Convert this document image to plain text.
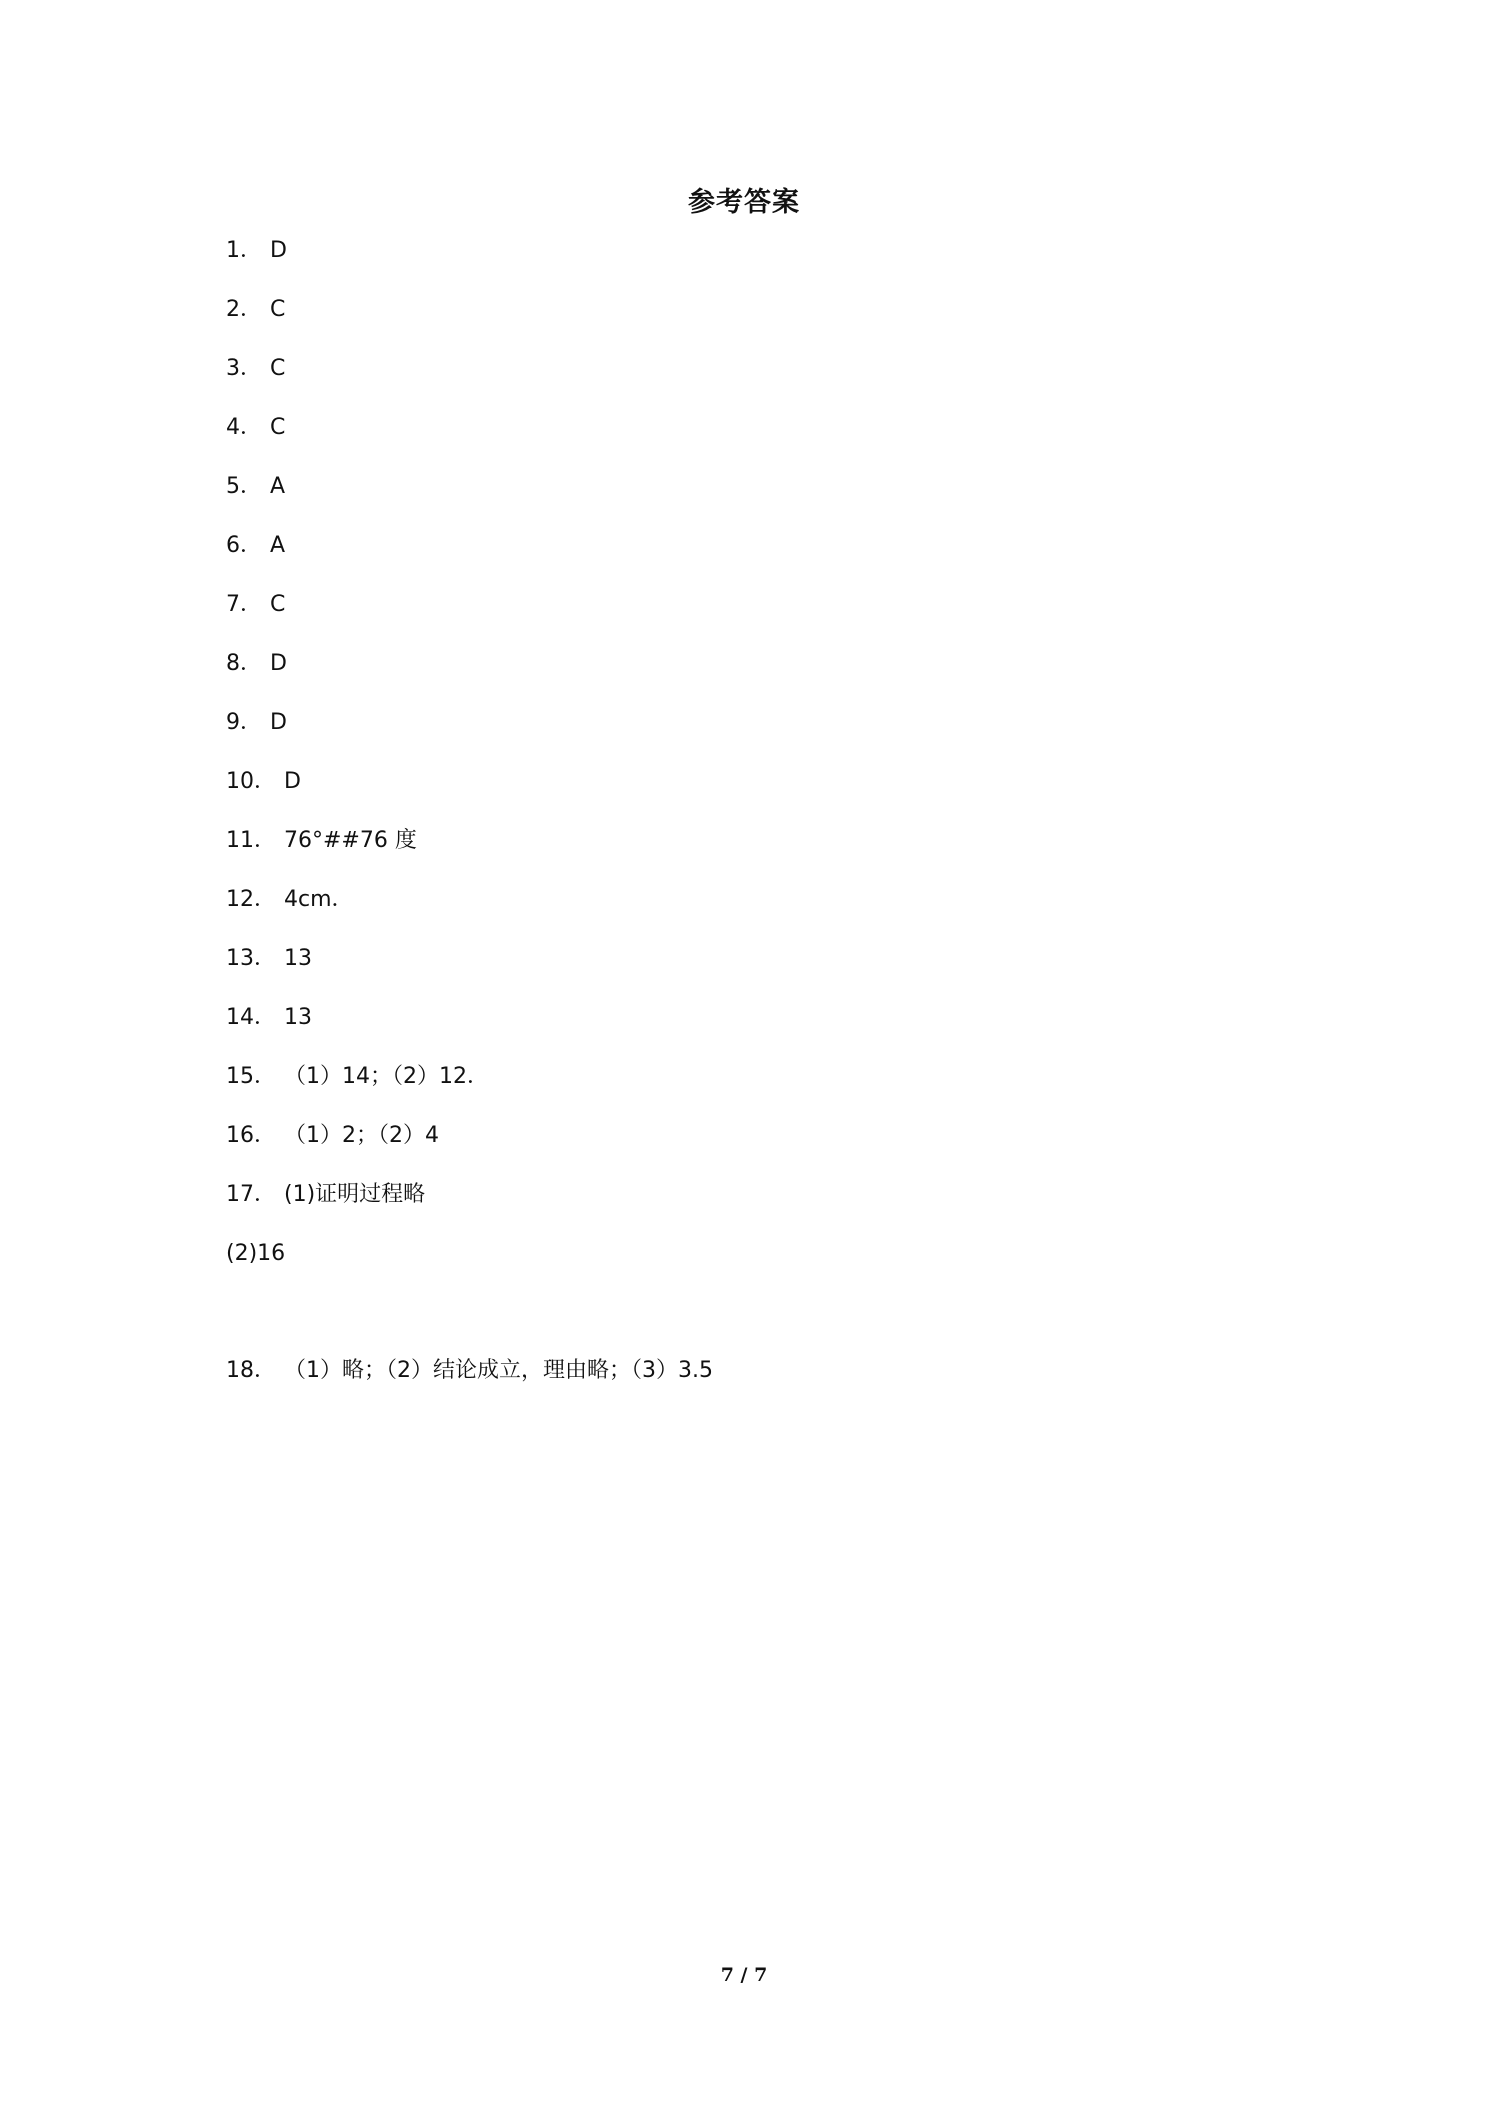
参考答案
1． D
2． C
3． C
4． C
5． A
6． A
7． C
8． D
9． D
10． D
11． 76°##76 度
12． 4cm．
13． 13
14． 13
15． （1）14；（2）12．
16． （1）2；（2）4
17． (1)证明过程略
(2)16
18． （1）略；（2）结论成立，理由略；（3）3.5
7 / 7
